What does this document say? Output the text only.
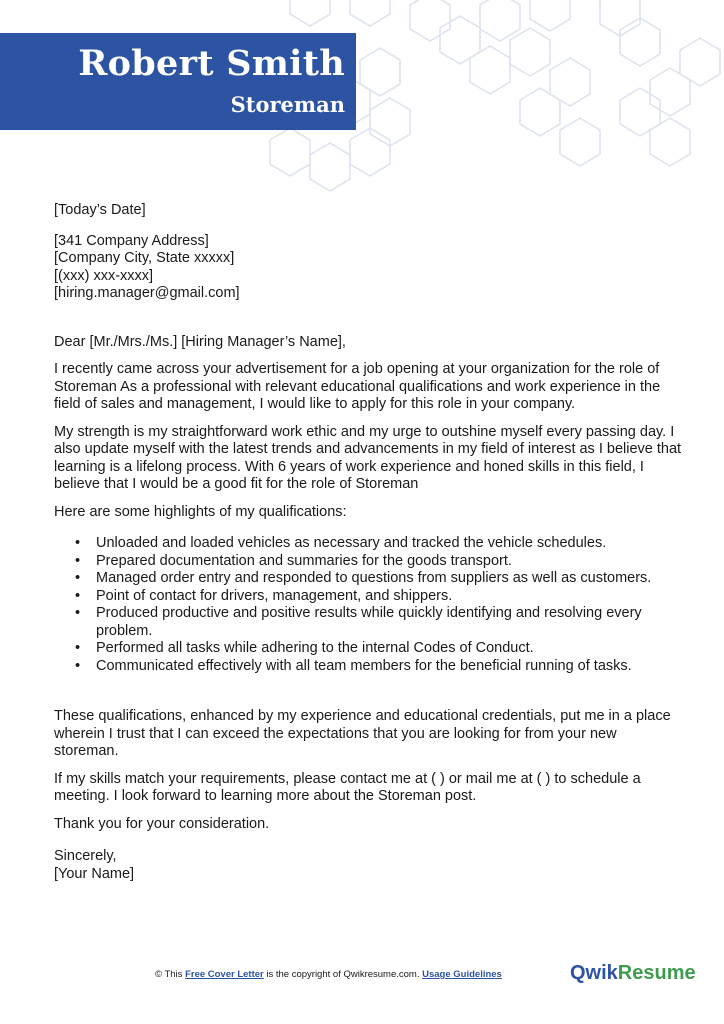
Robert Smith
Storeman

[Today’s Date]

[341 Company Address]
[Company City, State xxxxx]
[(xxx) xxx-xxxx]
[hiring.manager@gmail.com]

Dear [Mr./Mrs./Ms.] [Hiring Manager’s Name],

I recently came across your advertisement for a job opening at your organization for the role of Storeman As a professional with relevant educational qualifications and work experience in the field of sales and management, I would like to apply for this role in your company.

My strength is my straightforward work ethic and my urge to outshine myself every passing day. I also update myself with the latest trends and advancements in my field of interest as I believe that learning is a lifelong process. With 6 years of work experience and honed skills in this field, I believe that I would be a good fit for the role of Storeman

Here are some highlights of my qualifications:

• Unloaded and loaded vehicles as necessary and tracked the vehicle schedules.
• Prepared documentation and summaries for the goods transport.
• Managed order entry and responded to questions from suppliers as well as customers.
• Point of contact for drivers, management, and shippers.
• Produced productive and positive results while quickly identifying and resolving every problem.
• Performed all tasks while adhering to the internal Codes of Conduct.
• Communicated effectively with all team members for the beneficial running of tasks.

These qualifications, enhanced by my experience and educational credentials, put me in a place wherein I trust that I can exceed the expectations that you are looking for from your new storeman.

If my skills match your requirements, please contact me at ( ) or mail me at ( ) to schedule a meeting. I look forward to learning more about the Storeman post.

Thank you for your consideration.

Sincerely,

[Your Name]

© This Free Cover Letter is the copyright of Qwikresume.com. Usage Guidelines	QwikResume
